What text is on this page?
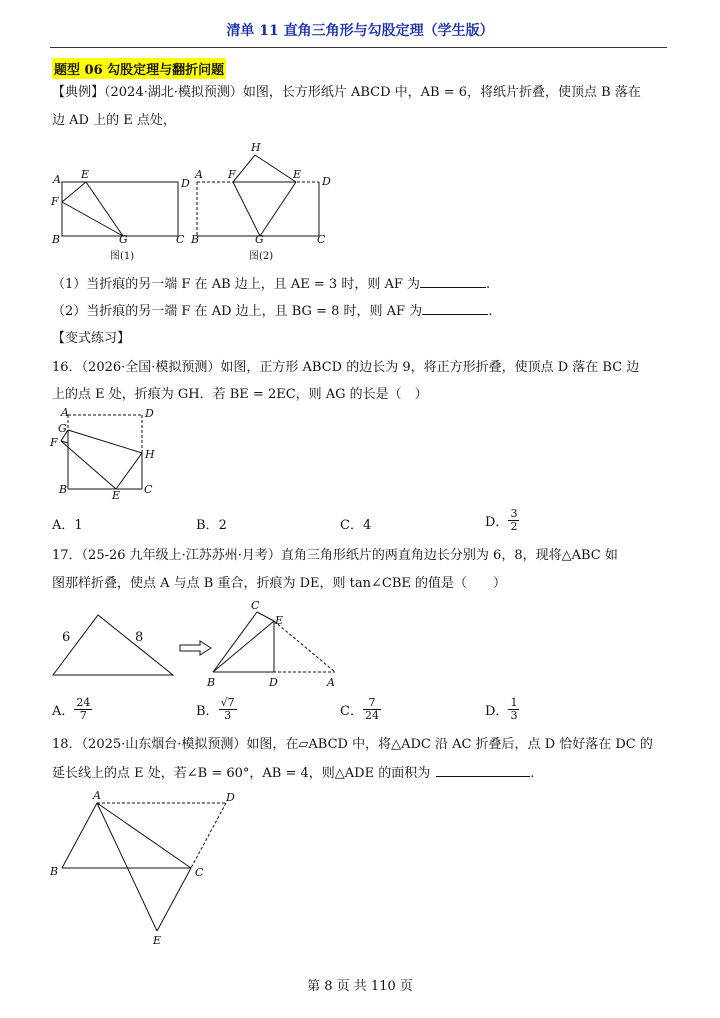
清单 11 直角三角形与勾股定理（学生版）
题型 06 勾股定理与翻折问题
【典例】（2024·湖北·模拟预测）如图，长方形纸片 ABCD 中，AB = 6，将纸片折叠，使顶点 B 落在
边 AD 上的 E 点处，
A E
D
F
B	G	C
图(1)
A
H
F	E
D
B	G	C
图(2)
（1）当折痕的另一端 F 在 AB 边上，且 AE = 3 时，则 AF 为	.
（2）当折痕的另一端 F 在 AD 边上，且 BG = 8 时，则 AF 为	.
【变式练习】
16．（2026·全国·模拟预测）如图，正方形 ABCD 的边长为 9，将正方形折叠，使顶点 D 落在 BC 边
上的点 E 处，折痕为 GH．若 BE = 2EC，则 AG 的长是（　）
A	D
G
F
H
B	E C
A．1	B．2	C．4	D． $\frac{3}{2}$
17．（25-26 九年级上·江苏苏州·月考）直角三角形纸片的两直角边长分别为 6，8，现将△ABC 如
图那样折叠，使点 A 与点 B 重合，折痕为 DE，则 tan∠CBE 的值是（　　）
6	8
C
E
B	D	A
A． $\frac{24}{7}$	B． $\frac{√7}{3}$	C． $\frac{7}{24}$	D． $\frac{1}{3}$
18．（2025·山东烟台·模拟预测）如图，在▱ABCD 中，将△ADC 沿 AC 折叠后，点 D 恰好落在 DC 的
延长线上的点 E 处，若∠B = 60°，AB = 4，则△ADE 的面积为	.
A	D
B	C
E
第 8 页 共 110 页
